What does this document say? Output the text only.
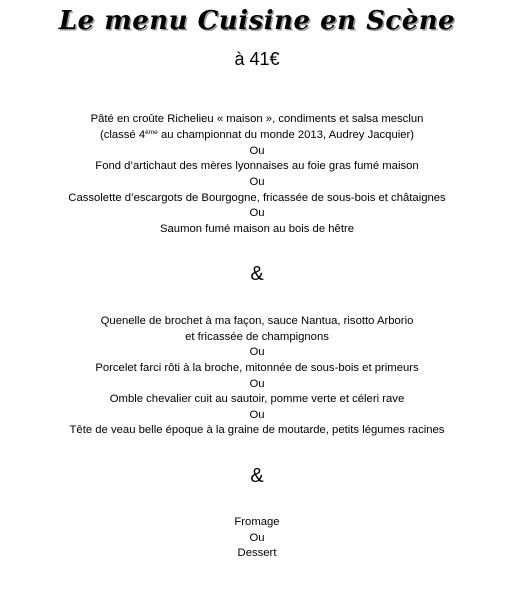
Le menu Cuisine en Scène
à 41€
Pâté en croûte Richelieu « maison », condiments et salsa mesclun
(classé 4ème au championnat du monde 2013, Audrey Jacquier)
Ou
Fond d’artichaut des mères lyonnaises au foie gras fumé maison
Ou
Cassolette d’escargots de Bourgogne, fricassée de sous-bois et châtaignes
Ou
Saumon fumé maison au bois de hêtre
&
Quenelle de brochet à ma façon, sauce Nantua, risotto Arborio
et fricassée de champignons
Ou
Porcelet farci rôti à la broche, mitonnée de sous-bois et primeurs
Ou
Omble chevalier cuit au sautoir, pomme verte et céleri rave
Ou
Tête de veau belle époque à la graine de moutarde, petits légumes racines
&
Fromage
Ou
Dessert
